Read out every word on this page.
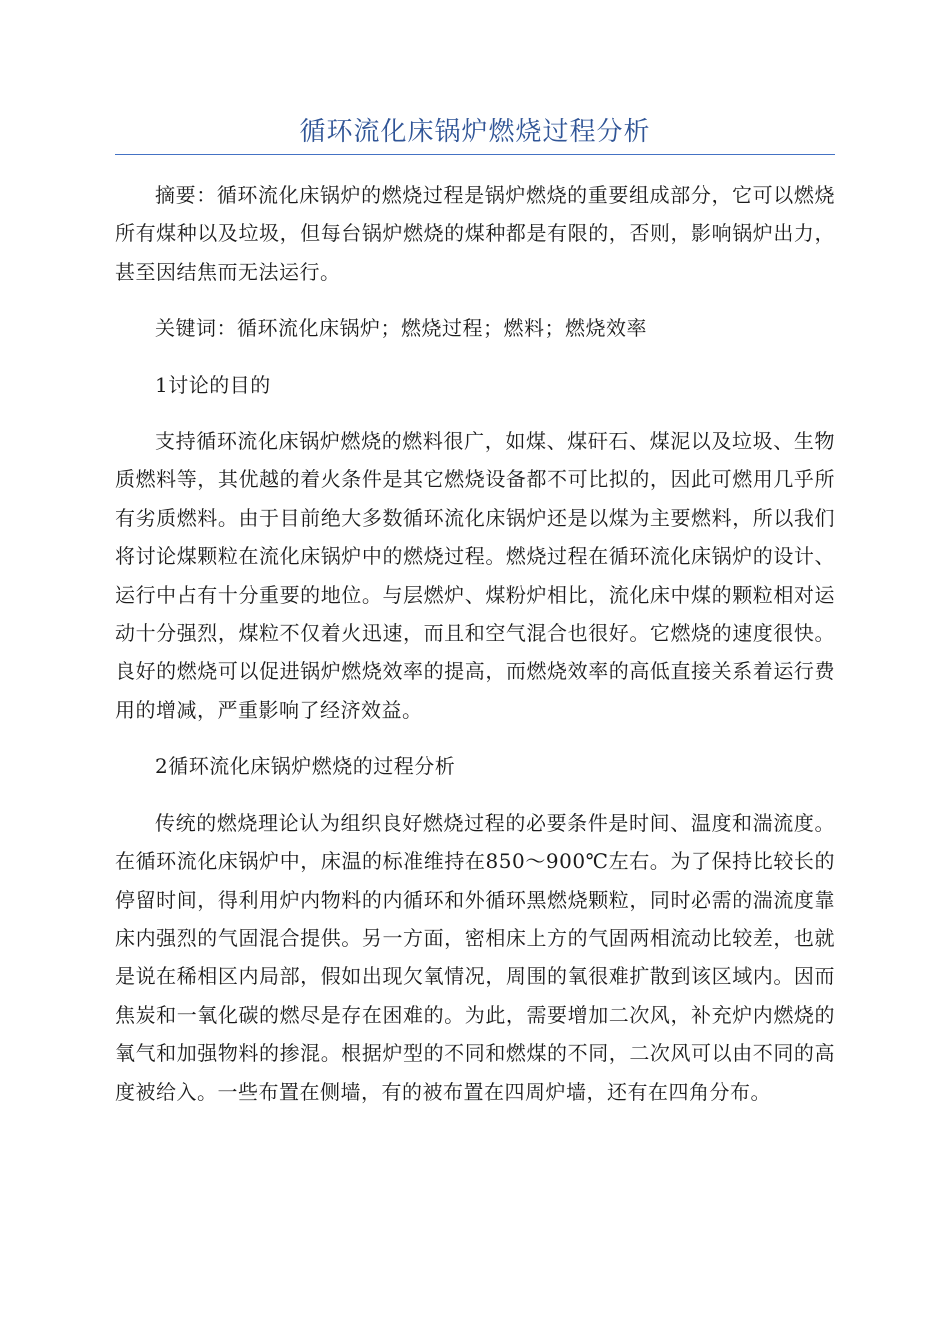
循环流化床锅炉燃烧过程分析

摘要：循环流化床锅炉的燃烧过程是锅炉燃烧的重要组成部分，它可以燃烧所有煤种以及垃圾，但每台锅炉燃烧的煤种都是有限的，否则，影响锅炉出力，甚至因结焦而无法运行。

关键词：循环流化床锅炉；燃烧过程；燃料；燃烧效率

1讨论的目的

支持循环流化床锅炉燃烧的燃料很广，如煤、煤矸石、煤泥以及垃圾、生物质燃料等，其优越的着火条件是其它燃烧设备都不可比拟的，因此可燃用几乎所有劣质燃料。由于目前绝大多数循环流化床锅炉还是以煤为主要燃料，所以我们将讨论煤颗粒在流化床锅炉中的燃烧过程。燃烧过程在循环流化床锅炉的设计、运行中占有十分重要的地位。与层燃炉、煤粉炉相比，流化床中煤的颗粒相对运动十分强烈，煤粒不仅着火迅速，而且和空气混合也很好。它燃烧的速度很快。良好的燃烧可以促进锅炉燃烧效率的提高，而燃烧效率的高低直接关系着运行费用的增减，严重影响了经济效益。

2循环流化床锅炉燃烧的过程分析

传统的燃烧理论认为组织良好燃烧过程的必要条件是时间、温度和湍流度。在循环流化床锅炉中，床温的标准维持在850～900℃左右。为了保持比较长的停留时间，得利用炉内物料的内循环和外循环黑燃烧颗粒，同时必需的湍流度靠床内强烈的气固混合提供。另一方面，密相床上方的气固两相流动比较差，也就是说在稀相区内局部，假如出现欠氧情况，周围的氧很难扩散到该区域内。因而焦炭和一氧化碳的燃尽是存在困难的。为此，需要增加二次风，补充炉内燃烧的氧气和加强物料的掺混。根据炉型的不同和燃煤的不同，二次风可以由不同的高度被给入。一些布置在侧墙，有的被布置在四周炉墙，还有在四角分布。
